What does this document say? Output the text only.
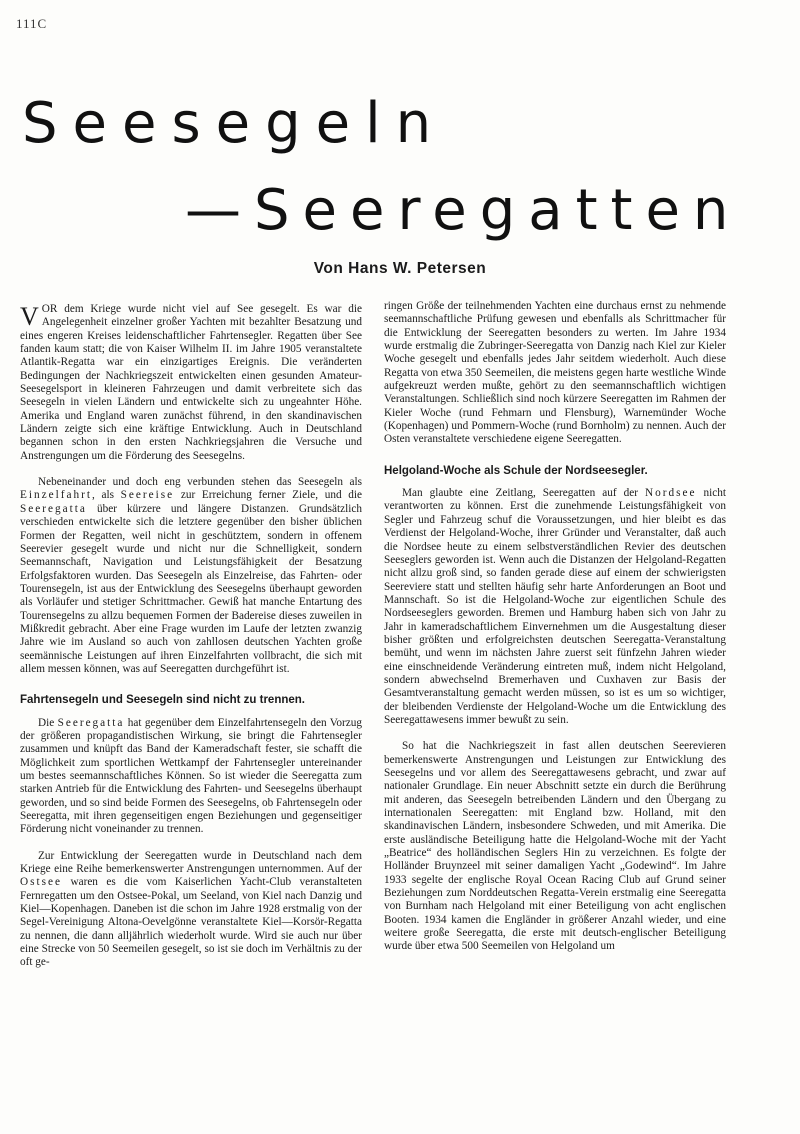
111C
Seesegeln
—Seeregatten
Von Hans W. Petersen

VOR dem Kriege wurde nicht viel auf See gesegelt. Es war die Angelegenheit einzelner großer Yachten mit bezahlter Besatzung und eines engeren Kreises leidenschaftlicher Fahrtensegler. Regatten über See fanden kaum statt; die von Kaiser Wilhelm II. im Jahre 1905 veranstaltete Atlantik-Regatta war ein einzigartiges Ereignis. Die veränderten Bedingungen der Nachkriegszeit entwickelten einen gesunden Amateur-Seesegelsport in kleineren Fahrzeugen und damit verbreitete sich das Seesegeln in vielen Ländern und entwickelte sich zu ungeahnter Höhe. Amerika und England waren zunächst führend, in den skandinavischen Ländern zeigte sich eine kräftige Entwicklung. Auch in Deutschland begannen schon in den ersten Nachkriegsjahren die Versuche und Anstrengungen um die Förderung des Seesegelns.

Nebeneinander und doch eng verbunden stehen das Seesegeln als Einzelfahrt, als Seereise zur Erreichung ferner Ziele, und die Seeregatta über kürzere und längere Distanzen. Grundsätzlich verschieden entwickelte sich die letztere gegenüber den bisher üblichen Formen der Regatten, weil nicht in geschütztem, sondern in offenem Seerevier gesegelt wurde und nicht nur die Schnelligkeit, sondern Seemannschaft, Navigation und Leistungsfähigkeit der Besatzung Erfolgsfaktoren wurden. Das Seesegeln als Einzelreise, das Fahrten- oder Tourensegeln, ist aus der Entwicklung des Seesegelns überhaupt geworden als Vorläufer und stetiger Schrittmacher. Gewiß hat manche Entartung des Tourensegelns zu allzu bequemen Formen der Badereise dieses zuweilen in Mißkredit gebracht. Aber eine Frage wurden im Laufe der letzten zwanzig Jahre wie im Ausland so auch von zahllosen deutschen Yachten große seemännische Leistungen auf ihren Einzelfahrten vollbracht, die sich mit allem messen können, was auf Seeregatten durchgeführt ist.

Fahrtensegeln und Seesegeln sind nicht zu trennen.

Die Seeregatta hat gegenüber dem Einzelfahrtensegeln den Vorzug der größeren propagandistischen Wirkung, sie bringt die Fahrtensegler zusammen und knüpft das Band der Kameradschaft fester, sie schafft die Möglichkeit zum sportlichen Wettkampf der Fahrtensegler untereinander um bestes seemannschaftliches Können. So ist wieder die Seeregatta zum starken Antrieb für die Entwicklung des Fahrten- und Seesegelns überhaupt geworden, und so sind beide Formen des Seesegelns, ob Fahrtensegeln oder Seeregatta, mit ihren gegenseitigen engen Beziehungen und gegenseitiger Förderung nicht voneinander zu trennen.

Zur Entwicklung der Seeregatten wurde in Deutschland nach dem Kriege eine Reihe bemerkenswerter Anstrengungen unternommen. Auf der Ostsee waren es die vom Kaiserlichen Yacht-Club veranstalteten Fernregatten um den Ostsee-Pokal, um Seeland, von Kiel nach Danzig und Kiel—Kopenhagen. Daneben ist die schon im Jahre 1928 erstmalig von der Segel-Vereinigung Altona-Oevelgönne veranstaltete Kiel—Korsör-Regatta zu nennen, die dann alljährlich wiederholt wurde. Wird sie auch nur über eine Strecke von 50 Seemeilen gesegelt, so ist sie doch im Verhältnis zu der oft ge-

ringen Größe der teilnehmenden Yachten eine durchaus ernst zu nehmende seemannschaftliche Prüfung gewesen und ebenfalls als Schrittmacher für die Entwicklung der Seeregatten besonders zu werten. Im Jahre 1934 wurde erstmalig die Zubringer-Seeregatta von Danzig nach Kiel zur Kieler Woche gesegelt und ebenfalls jedes Jahr seitdem wiederholt. Auch diese Regatta von etwa 350 Seemeilen, die meistens gegen harte westliche Winde aufgekreuzt werden mußte, gehört zu den seemannschaftlich wichtigen Veranstaltungen. Schließlich sind noch kürzere Seeregatten im Rahmen der Kieler Woche (rund Fehmarn und Flensburg), Warnemünder Woche (Kopenhagen) und Pommern-Woche (rund Bornholm) zu nennen. Auch der Osten veranstaltete verschiedene eigene Seeregatten.

Helgoland-Woche als Schule der Nordseesegler.

Man glaubte eine Zeitlang, Seeregatten auf der Nordsee nicht verantworten zu können. Erst die zunehmende Leistungsfähigkeit von Segler und Fahrzeug schuf die Voraussetzungen, und hier bleibt es das Verdienst der Helgoland-Woche, ihrer Gründer und Veranstalter, daß auch die Nordsee heute zu einem selbstverständlichen Revier des deutschen Seeseglers geworden ist. Wenn auch die Distanzen der Helgoland-Regatten nicht allzu groß sind, so fanden gerade diese auf einem der schwierigsten Seereviere statt und stellten häufig sehr harte Anforderungen an Boot und Mannschaft. So ist die Helgoland-Woche zur eigentlichen Schule des Nordseeseglers geworden. Bremen und Hamburg haben sich von Jahr zu Jahr in kameradschaftlichem Einvernehmen um die Ausgestaltung dieser bisher größten und erfolgreichsten deutschen Seeregatta-Veranstaltung bemüht, und wenn im nächsten Jahre zuerst seit fünfzehn Jahren wieder eine einschneidende Veränderung eintreten muß, indem nicht Helgoland, sondern abwechselnd Bremerhaven und Cuxhaven zur Basis der Gesamtveranstaltung gemacht werden müssen, so ist es um so wichtiger, der bleibenden Verdienste der Helgoland-Woche um die Entwicklung des Seeregattawesens immer bewußt zu sein.

So hat die Nachkriegszeit in fast allen deutschen Seerevieren bemerkenswerte Anstrengungen und Leistungen zur Entwicklung des Seesegelns und vor allem des Seeregattawesens gebracht, und zwar auf nationaler Grundlage. Ein neuer Abschnitt setzte ein durch die Berührung mit anderen, das Seesegeln betreibenden Ländern und den Übergang zu internationalen Seeregatten: mit England bzw. Holland, mit den skandinavischen Ländern, insbesondere Schweden, und mit Amerika. Die erste ausländische Beteiligung hatte die Helgoland-Woche mit der Yacht „Beatrice“ des holländischen Seglers Hin zu verzeichnen. Es folgte der Holländer Bruynzeel mit seiner damaligen Yacht „Godewind“. Im Jahre 1933 segelte der englische Royal Ocean Racing Club auf Grund seiner Beziehungen zum Norddeutschen Regatta-Verein erstmalig eine Seeregatta von Burnham nach Helgoland mit einer Beteiligung von acht englischen Booten. 1934 kamen die Engländer in größerer Anzahl wieder, und eine weitere große Seeregatta, die erste mit deutsch-englischer Beteiligung wurde über etwa 500 Seemeilen von Helgoland um
